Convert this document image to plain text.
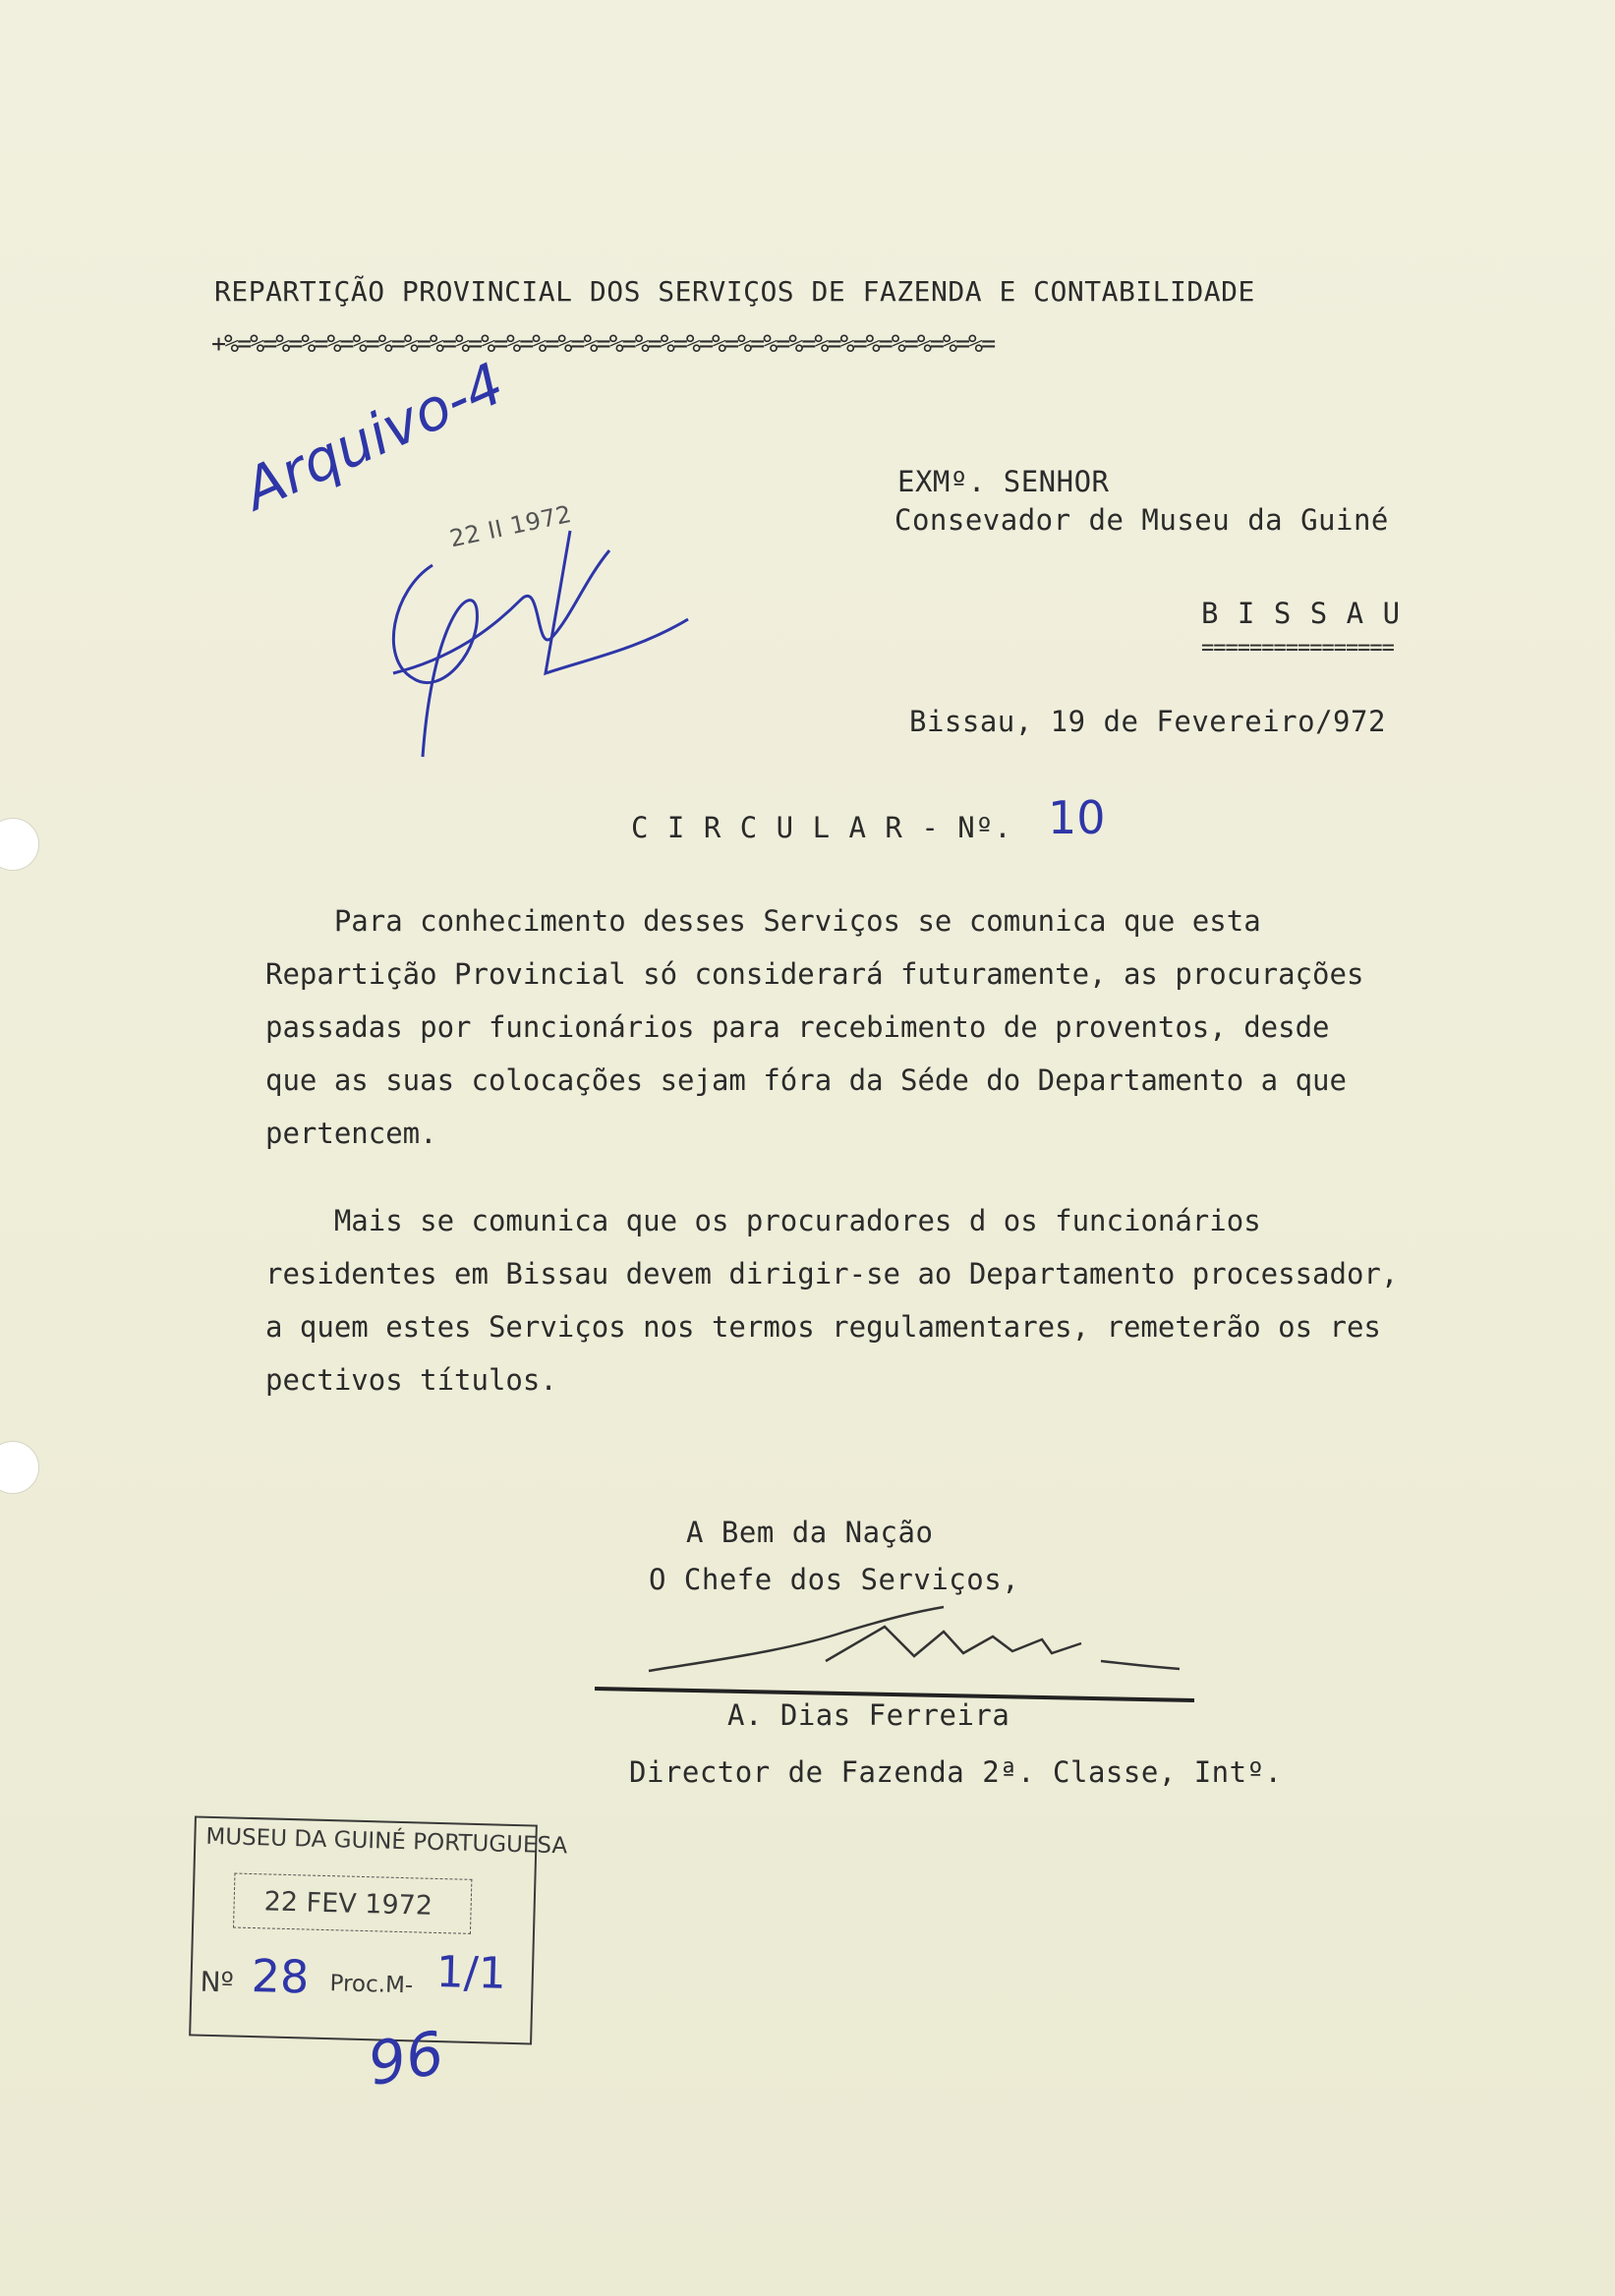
REPARTIÇÃO PROVINCIAL DOS SERVIÇOS DE FAZENDA E CONTABILIDADE
+%=%=%=%=%=%=%=%=%=%=%=%=%=%=%=%=%=%=%=%=%=%=%=%=%=%=%=%=%=%=
EXMº. SENHOR
Consevador de Museu da Guiné
B I S S A U
================
Arquivo-4
22 II 1972
Bissau, 19 de Fevereiro/972
C I R C U L A R - Nº. 10
Para conhecimento desses Serviços se comunica que esta
Repartição Provincial só considerará futuramente, as procurações
passadas por funcionários para recebimento de proventos, desde
que as suas colocações sejam fóra da Séde do Departamento a que
pertencem.
Mais se comunica que os procuradores d os funcionários
residentes em Bissau devem dirigir-se ao Departamento processador,
a quem estes Serviços nos termos regulamentares, remeterão os res
pectivos títulos.
A Bem da Nação
O Chefe dos Serviços,
A. Dias Ferreira
Director de Fazenda 2ª. Classe, Intº.
MUSEU DA GUINÉ PORTUGUESA
22 FEV 1972
Nº 28 Proc.M- 1/1
96
